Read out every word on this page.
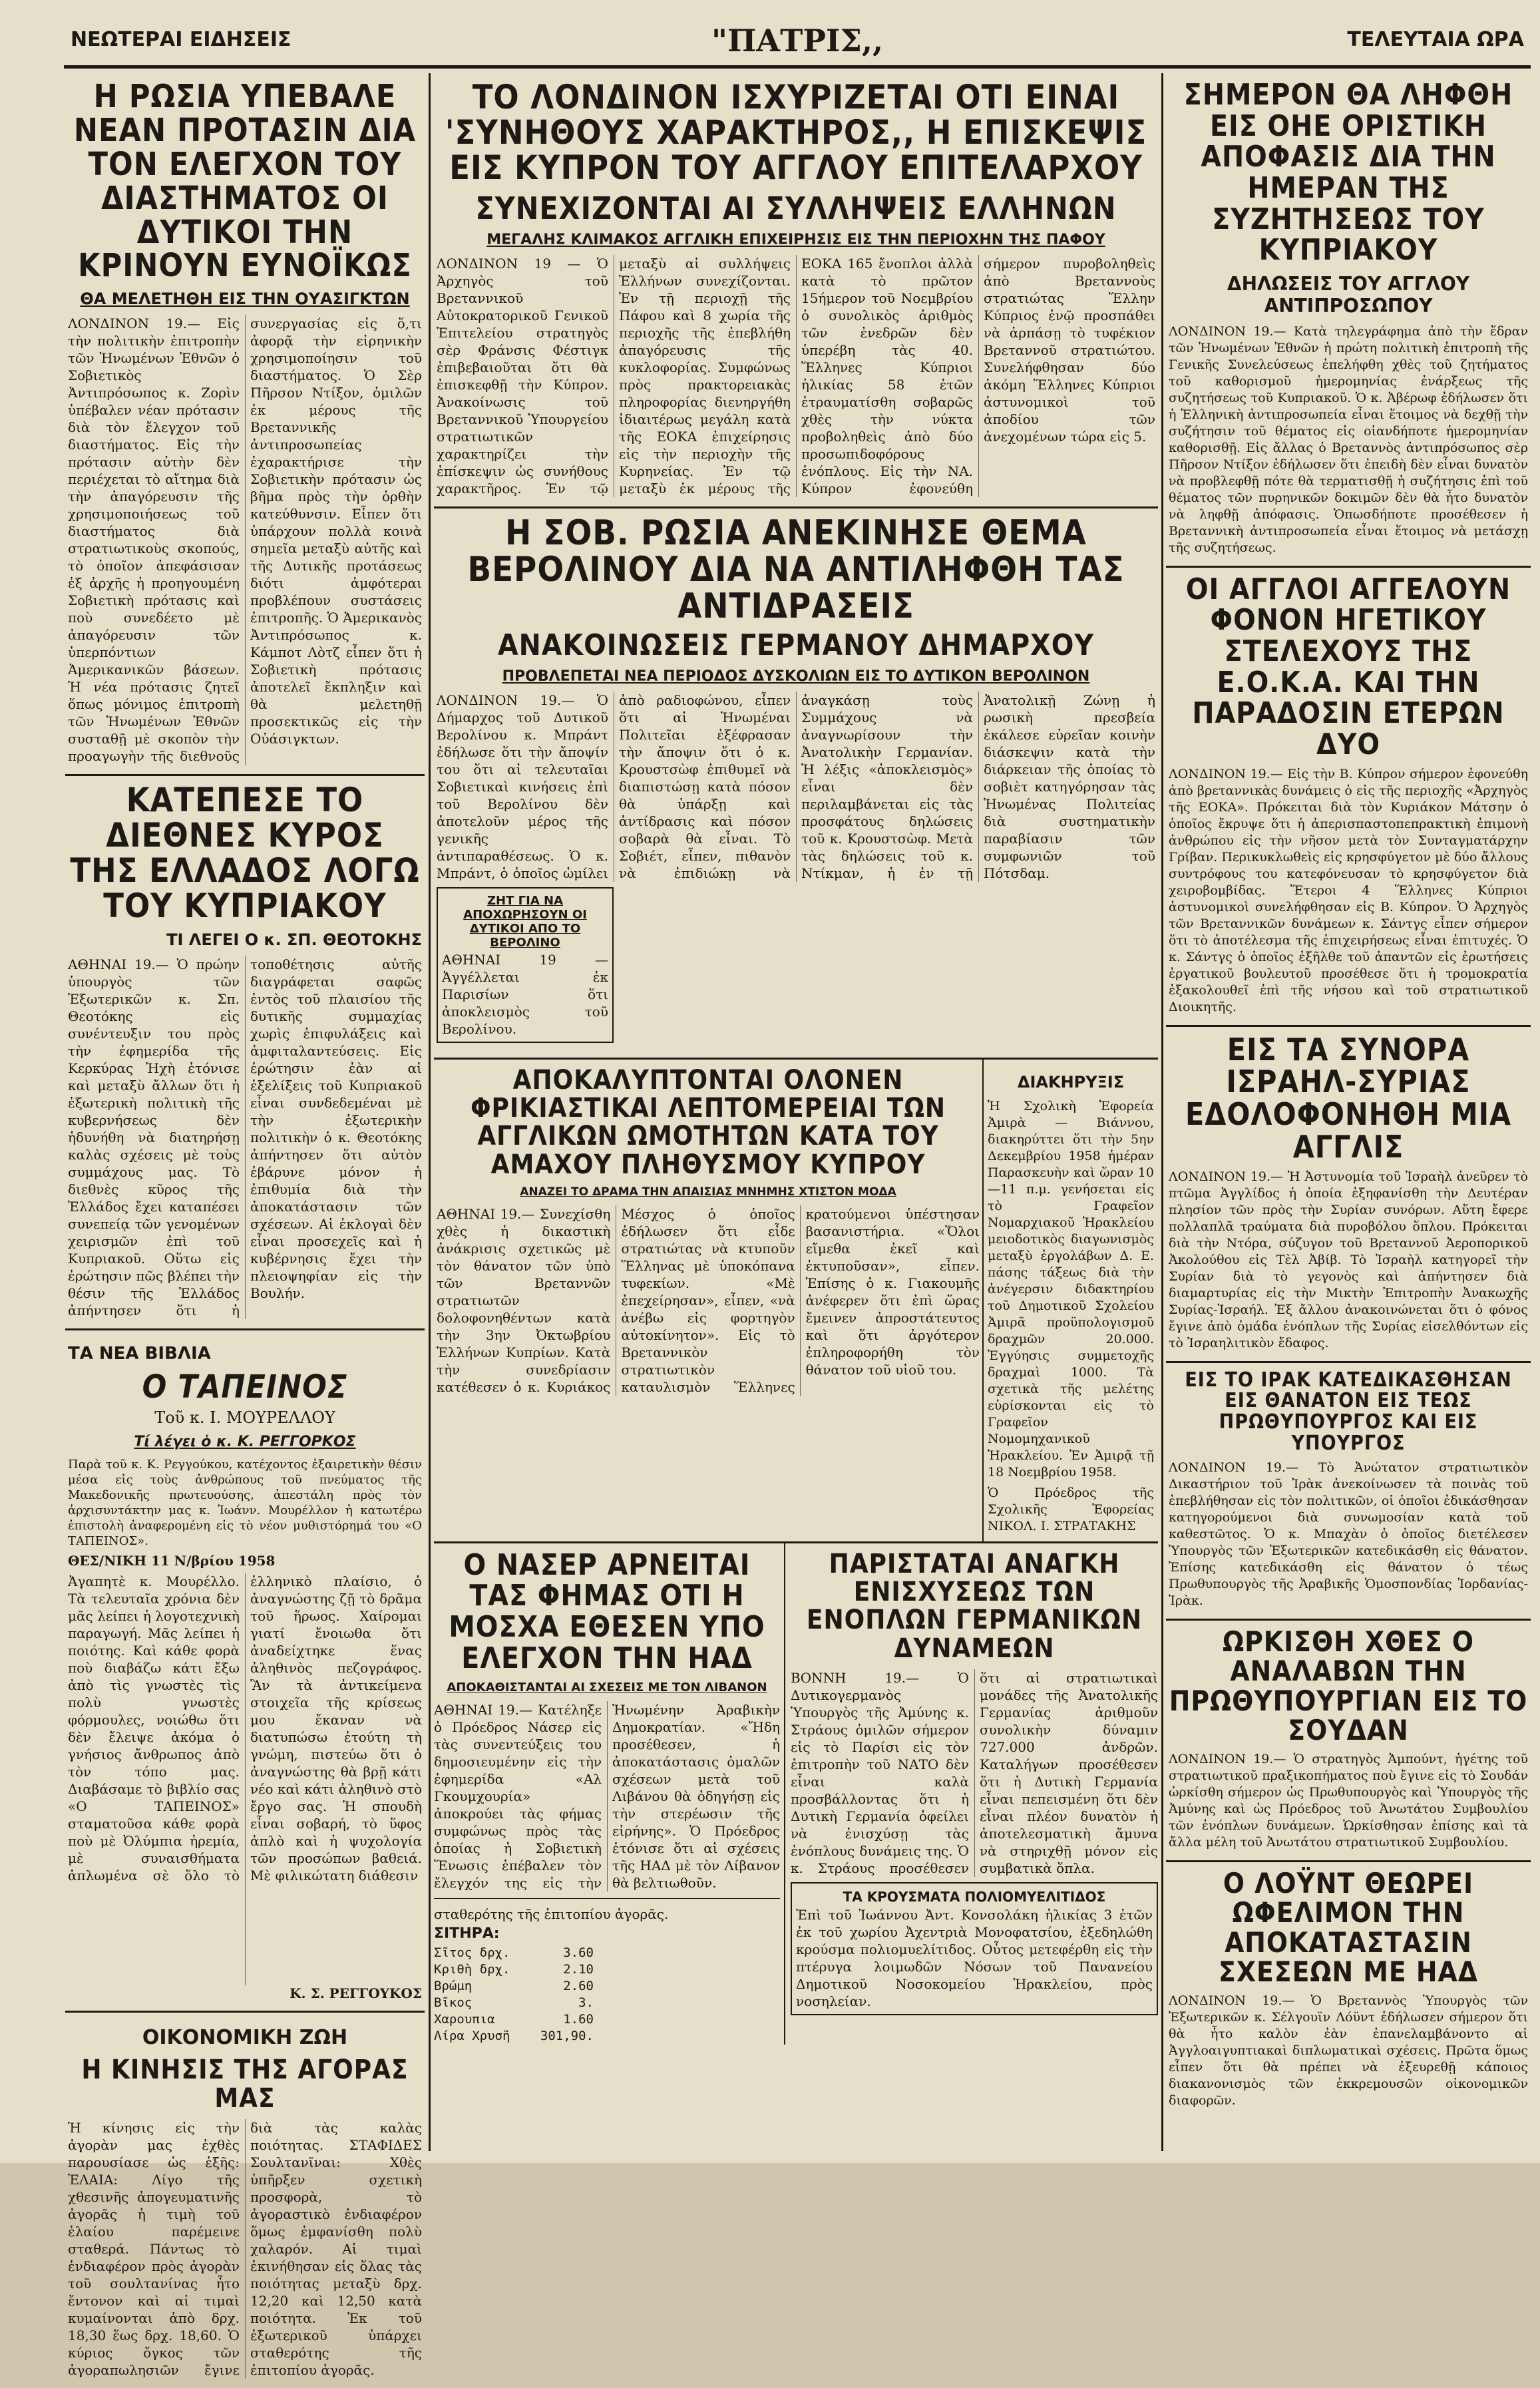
ΝΕΩΤΕΡΑΙ ΕΙΔΗΣΕΙΣ	"ΠΑΤΡΙΣ,,	ΤΕΛΕΥΤΑΙΑ ΩΡΑ
Η ΡΩΣΙΑ ΥΠΕΒΑΛΕ ΝΕΑΝ ΠΡΟΤΑΣΙΝ ΔΙΑ ΤΟΝ ΕΛΕΓΧΟΝ ΤΟΥ ΔΙΑΣΤΗΜΑΤΟΣ ΟΙ ΔΥΤΙΚΟΙ ΤΗΝ ΚΡΙΝΟΥΝ ΕΥΝΟΪΚΩΣ
ΘΑ ΜΕΛΕΤΗΘΗ ΕΙΣ ΤΗΝ ΟΥΑΣΙΓΚΤΩΝ

ΛΟΝΔΙΝΟΝ 19.— Εἰς τὴν πολιτικὴν ἐπιτροπὴν τῶν Ἡνωμένων Ἐθνῶν ὁ Σοβιετικὸς Ἀντιπρόσωπος κ. Ζορὶν ὑπέβαλεν νέαν πρότασιν διὰ τὸν ἔλεγχον τοῦ διαστήματος. Εἰς τὴν πρότασιν αὐτὴν δὲν περιέχεται τὸ αἴτημα διὰ τὴν ἀπαγόρευσιν τῆς χρησιμοποιήσεως τοῦ διαστήματος διὰ στρατιωτικοὺς σκοπούς, τὸ ὁποῖον ἀπεφάσισαν ἐξ ἀρχῆς ἡ προηγουμένη Σοβιετικὴ πρότασις καὶ ποὺ συνεδέετο μὲ ἀπαγόρευσιν τῶν ὑπερπόντιων Ἀμερικανικῶν βάσεων. Ἡ νέα πρότασις ζητεῖ ὅπως μόνιμος ἐπιτροπὴ τῶν Ἡνωμένων Ἐθνῶν συσταθῇ μὲ σκοπὸν τὴν προαγωγὴν τῆς διεθνοῦς συνεργασίας εἰς ὅ,τι ἀφορᾷ τὴν εἰρηνικὴν χρησιμοποίησιν τοῦ διαστήματος. Ὁ Σὲρ Πῆρσον Ντίξον, ὁμιλῶν ἐκ μέρους τῆς Βρεταννικῆς ἀντιπροσωπείας ἐχαρακτήρισε τὴν Σοβιετικὴν πρότασιν ὡς βῆμα πρὸς τὴν ὀρθὴν κατεύθυνσιν. Εἶπεν ὅτι ὑπάρχουν πολλὰ κοινὰ σημεῖα μεταξὺ αὐτῆς καὶ τῆς Δυτικῆς προτάσεως διότι ἀμφότεραι προβλέπουν συστάσεις ἐπιτροπῆς. Ὁ Ἀμερικανὸς Ἀντιπρόσωπος κ. Κάμποτ Λὸτζ εἶπεν ὅτι ἡ Σοβιετικὴ πρότασις ἀποτελεῖ ἔκπληξιν καὶ θὰ μελετηθῇ προσεκτικῶς εἰς τὴν Οὐάσιγκτων.

ΚΑΤΕΠΕΣΕ ΤΟ ΔΙΕΘΝΕΣ ΚΥΡΟΣ ΤΗΣ ΕΛΛΑΔΟΣ ΛΟΓΩ ΤΟΥ ΚΥΠΡΙΑΚΟΥ
ΤΙ ΛΕΓΕΙ Ο κ. ΣΠ. ΘΕΟΤΟΚΗΣ

ΑΘΗΝΑΙ 19.— Ὁ πρώην ὑπουργὸς τῶν Ἐξωτερικῶν κ. Σπ. Θεοτόκης εἰς συνέντευξιν του πρὸς τὴν ἐφημερίδα τῆς Κερκύρας Ἠχὴ ἐτόνισε καὶ μεταξὺ ἄλλων ὅτι ἡ ἐξωτερικὴ πολιτικὴ τῆς κυβερνήσεως δὲν ἠδυνήθη νὰ διατηρήσῃ καλὰς σχέσεις μὲ τοὺς συμμάχους μας. Τὸ διεθνὲς κῦρος τῆς Ἑλλάδος ἔχει καταπέσει συνεπείᾳ τῶν γενομένων χειρισμῶν ἐπὶ τοῦ Κυπριακοῦ. Οὕτω εἰς ἐρώτησιν πῶς βλέπει τὴν θέσιν τῆς Ἑλλάδος ἀπήντησεν ὅτι ἡ τοποθέτησις αὐτῆς διαγράφεται σαφῶς ἐντὸς τοῦ πλαισίου τῆς δυτικῆς συμμαχίας χωρὶς ἐπιφυλάξεις καὶ ἀμφιταλαντεύσεις. Εἰς ἐρώτησιν ἐὰν αἱ ἐξελίξεις τοῦ Κυπριακοῦ εἶναι συνδεδεμέναι μὲ τὴν ἐξωτερικὴν πολιτικὴν ὁ κ. Θεοτόκης ἀπήντησεν ὅτι αὐτὸν ἐβάρυνε μόνον ἡ ἐπιθυμία διὰ τὴν ἀποκατάστασιν τῶν σχέσεων. Αἱ ἐκλογαὶ δὲν εἶναι προσεχεῖς καὶ ἡ κυβέρνησις ἔχει τὴν πλειοψηφίαν εἰς τὴν Βουλήν.

ΤΑ ΝΕΑ ΒΙΒΛΙΑ
Ο ΤΑΠΕΙΝΟΣ
Τοῦ κ. Ι. ΜΟΥΡΕΛΛΟΥ
Τί λέγει ὁ κ. Κ. ΡΕΓΓΟΡΚΟΣ

Παρὰ τοῦ κ. Κ. Ρεγγούκου, κατέχοντος ἐξαιρετικὴν θέσιν μέσα εἰς τοὺς ἀνθρώπους τοῦ πνεύματος τῆς Μακεδονικῆς πρωτευούσης, ἀπεστάλη πρὸς τὸν ἀρχισυντάκτην μας κ. Ἰωάνν. Μουρέλλον ἡ κατωτέρω ἐπιστολὴ ἀναφερομένη εἰς τὸ νέον μυθιστόρημά του «Ο ΤΑΠΕΙΝΟΣ».

ΘΕΣ/ΝΙΚΗ 11 Ν/βρίου 1958

Ἀγαπητὲ κ. Μουρέλλο. Τὰ τελευταῖα χρόνια δὲν μᾶς λείπει ἡ λογοτεχνικὴ παραγωγή. Μᾶς λείπει ἡ ποιότης. Καὶ κάθε φορὰ ποὺ διαβάζω κάτι ἔξω ἀπὸ τὶς γνωστὲς τὶς πολὺ γνωστὲς φόρμουλες, νοιώθω ὅτι δὲν ἔλειψε ἀκόμα ὁ γνήσιος ἄνθρωπος ἀπὸ τὸν τόπο μας. Διαβάσαμε τὸ βιβλίο σας «Ο ΤΑΠΕΙΝΟΣ» σταματοῦσα κάθε φορὰ ποὺ μὲ Ὀλύμπια ἠρεμία, μὲ συναισθήματα ἁπλωμένα σὲ ὅλο τὸ ἐλληνικὸ πλαίσιο, ὁ ἀναγνώστης ζῇ τὸ δρᾶμα τοῦ ἥρωος. Χαίρομαι γιατί ἔνοιωθα ὅτι ἀναδείχτηκε ἕνας ἀληθινὸς πεζογράφος. Ἂν τὰ ἀντικείμενα στοιχεῖα τῆς κρίσεως μου ἔκαναν νὰ διατυπώσω ἐτούτη τὴ γνώμη, πιστεύω ὅτι ὁ ἀναγνώστης θὰ βρῇ κάτι νέο καὶ κάτι ἀληθινὸ στὸ ἔργο σας. Ἡ σπουδὴ εἶναι σοβαρή, τὸ ὕφος ἀπλὸ καὶ ἡ ψυχολογία τῶν προσώπων βαθειά. Μὲ φιλικώτατη διάθεσιν

Κ. Σ. ΡΕΓΓΟΥΚΟΣ
ΟΙΚΟΝΟΜΙΚΗ ΖΩΗ
Η ΚΙΝΗΣΙΣ ΤΗΣ ΑΓΟΡΑΣ ΜΑΣ

Ἡ κίνησις εἰς τὴν ἀγορὰν μας ἐχθὲς παρουσίασε ὡς ἑξῆς: ἘΛΑΙΑ: Λίγο τῆς χθεσινῆς ἀπογευματινῆς ἀγορᾶς ἡ τιμὴ τοῦ ἐλαίου παρέμεινε σταθερά. Πάντως τὸ ἐνδιαφέρον πρὸς ἀγορὰν τοῦ σουλτανίνας ἦτο ἔντονον καὶ αἱ τιμαὶ κυμαίνονται ἀπὸ δρχ. 18,30 ἕως δρχ. 18,60. Ὁ κύριος ὄγκος τῶν ἀγοραπωλησιῶν ἔγινε διὰ τὰς καλὰς ποιότητας. ΣΤΑΦΙΔΕΣ Σουλτανῖναι: Χθὲς ὑπῆρξεν σχετικὴ προσφορὰ, τὸ ἀγοραστικὸ ἐνδιαφέρον ὅμως ἐμφανίσθη πολὺ χαλαρόν. Αἱ τιμαὶ ἐκινήθησαν εἰς ὅλας τὰς ποιότητας μεταξὺ δρχ. 12,20 καὶ 12,50 κατὰ ποιότητα. Ἐκ τοῦ ἐξωτερικοῦ ὑπάρχει σταθερότης τῆς ἐπιτοπίου ἀγορᾶς.

ΤΟ ΛΟΝΔΙΝΟΝ ΙΣΧΥΡΙΖΕΤΑΙ ΟΤΙ ΕΙΝΑΙ 'ΣΥΝΗΘΟΥΣ ΧΑΡΑΚΤΗΡΟΣ,, Η ΕΠΙΣΚΕΨΙΣ ΕΙΣ ΚΥΠΡΟΝ ΤΟΥ ΑΓΓΛΟΥ ΕΠΙΤΕΛΑΡΧΟΥ
ΣΥΝΕΧΙΖΟΝΤΑΙ ΑΙ ΣΥΛΛΗΨΕΙΣ ΕΛΛΗΝΩΝ
ΜΕΓΑΛΗΣ ΚΛΙΜΑΚΟΣ ΑΓΓΛΙΚΗ ΕΠΙΧΕΙΡΗΣΙΣ ΕΙΣ ΤΗΝ ΠΕΡΙΟΧΗΝ ΤΗΣ ΠΑΦΟΥ

ΛΟΝΔΙΝΟΝ 19 — Ὁ Ἀρχηγὸς τοῦ Βρεταννικοῦ Αὐτοκρατορικοῦ Γενικοῦ Ἐπιτελείου στρατηγὸς σὲρ Φράνσις Φέστιγκ ἐπιβεβαιοῦται ὅτι θὰ ἐπισκεφθῇ τὴν Κύπρον. Ἀνακοίνωσις τοῦ Βρεταννικοῦ Ὑπουργείου στρατιωτικῶν χαρακτηρίζει τὴν ἐπίσκεψιν ὡς συνήθους χαρακτῆρος. Ἐν τῷ μεταξὺ αἱ συλλήψεις Ἑλλήνων συνεχίζονται. Ἐν τῇ περιοχῇ τῆς Πάφου καὶ 8 χωρία τῆς περιοχῆς τῆς ἐπεβλήθη ἀπαγόρευσις τῆς κυκλοφορίας. Συμφώνως πρὸς πρακτορειακὰς πληροφορίας διενηργήθη ἰδιαιτέρως μεγάλη κατὰ τῆς ΕΟΚΑ ἐπιχείρησις εἰς τὴν περιοχὴν τῆς Κυρηνείας. Ἐν τῷ μεταξὺ ἐκ μέρους τῆς ΕΟΚΑ 165 ἔνοπλοι ἀλλὰ κατὰ τὸ πρῶτον 15ήμερον τοῦ Νοεμβρίου ὁ συνολικὸς ἀριθμὸς τῶν ἐνεδρῶν δὲν ὑπερέβη τὰς 40. Ἕλληνες Κύπριοι ἡλικίας 58 ἐτῶν ἐτραυματίσθη σοβαρῶς χθὲς τὴν νύκτα προβοληθεὶς ἀπὸ δύο προσωπιδοφόρους ἐνόπλους. Εἰς τὴν ΝΑ. Κύπρον ἐφονεύθη σήμερον πυροβοληθεὶς ἀπὸ Βρεταννοὺς στρατιώτας Ἕλλην Κύπριος ἐνῷ προσπάθει νὰ ἀρπάσῃ τὸ τυφέκιον Βρεταννοῦ στρατιώτου. Συνελήφθησαν δύο ἀκόμη Ἕλληνες Κύπριοι ἀστυνομικοὶ τοῦ ἀποδίου τῶν ἀνεχομένων τώρα εἰς 5.

Η ΣΟΒ. ΡΩΣΙΑ ΑΝΕΚΙΝΗΣΕ ΘΕΜΑ ΒΕΡΟΛΙΝΟΥ ΔΙΑ ΝΑ ΑΝΤΙΛΗΦΘΗ ΤΑΣ ΑΝΤΙΔΡΑΣΕΙΣ
ΑΝΑΚΟΙΝΩΣΕΙΣ ΓΕΡΜΑΝΟΥ ΔΗΜΑΡΧΟΥ
ΠΡΟΒΛΕΠΕΤΑΙ ΝΕΑ ΠΕΡΙΟΔΟΣ ΔΥΣΚΟΛΙΩΝ ΕΙΣ ΤΟ ΔΥΤΙΚΟΝ ΒΕΡΟΛΙΝΟΝ

ΛΟΝΔΙΝΟΝ 19.— Ὁ Δήμαρχος τοῦ Δυτικοῦ Βερολίνου κ. Μπράντ ἐδήλωσε ὅτι τὴν ἄποψίν του ὅτι αἱ τελευταῖαι Σοβιετικαὶ κινήσεις ἐπὶ τοῦ Βερολίνου δὲν ἀποτελοῦν μέρος τῆς γενικῆς ἀντιπαραθέσεως. Ὁ κ. Μπράντ, ὁ ὁποῖος ὡμίλει ἀπὸ ραδιοφώνου, εἶπεν ὅτι αἱ Ἡνωμέναι Πολιτεῖαι ἐξέφρασαν τὴν ἄποψιν ὅτι ὁ κ. Κρουστσὼφ ἐπιθυμεῖ νὰ διαπιστώσῃ κατὰ πόσον θὰ ὑπάρξῃ καὶ ἀντίδρασις καὶ πόσον σοβαρὰ θὰ εἶναι. Τὸ Σοβιέτ, εἶπεν, πιθανὸν νὰ ἐπιδιώκῃ νὰ ἀναγκάσῃ τοὺς Συμμάχους νὰ ἀναγνωρίσουν τὴν Ἀνατολικὴν Γερμανίαν. Ἡ λέξις «ἀποκλεισμὸς» εἶναι δὲν περιλαμβάνεται εἰς τὰς προσφάτους δηλώσεις τοῦ κ. Κρουστσὼφ. Μετὰ τὰς δηλώσεις τοῦ κ. Ντίκμαν, ἡ ἐν τῇ Ἀνατολικῇ Ζώνῃ ἡ ρωσικὴ πρεσβεία ἐκάλεσε εὐρεῖαν κοινὴν διάσκεψιν κατὰ τὴν διάρκειαν τῆς ὁποίας τὸ σοβιὲτ κατηγόρησαν τὰς Ἡνωμένας Πολιτείας διὰ συστηματικὴν παραβίασιν τῶν συμφωνιῶν τοῦ Πότσδαμ.

ΖΗΤ ΓΙΑ ΝΑ ΑΠΟΧΩΡΗΣΟΥΝ ΟΙ ΔΥΤΙΚΟΙ ΑΠΟ ΤΟ ΒΕΡΟΛΙΝΟ

ΑΘΗΝΑΙ 19 — Ἀγγέλλεται ἐκ Παρισίων ὅτι ἀποκλεισμὸς τοῦ Βερολίνου.

ΑΠΟΚΑΛΥΠΤΟΝΤΑΙ ΟΛΟΝΕΝ ΦΡΙΚΙΑΣΤΙΚΑΙ ΛΕΠΤΟΜΕΡΕΙΑΙ ΤΩΝ ΑΓΓΛΙΚΩΝ ΩΜΟΤΗΤΩΝ ΚΑΤΑ ΤΟΥ ΑΜΑΧΟΥ ΠΛΗΘΥΣΜΟΥ ΚΥΠΡΟΥ
ΑΝΑΖΕΙ ΤΟ ΔΡΑΜΑ ΤΗΝ ΑΠΑΙΣΙΑΣ ΜΝΗΜΗΣ ΧΤΙΣΤΟΝ ΜΟΔΑ

ΑΘΗΝΑΙ 19.— Συνεχίσθη χθὲς ἡ δικαστικὴ ἀνάκρισις σχετικῶς μὲ τὸν θάνατον τῶν ὑπὸ τῶν Βρεταννῶν στρατιωτῶν δολοφονηθέντων κατὰ τὴν 3ην Ὀκτωβρίου Ἑλλήνων Κυπρίων. Κατὰ τὴν συνεδρίασιν κατέθεσεν ὁ κ. Κυριάκος Μέσχος ὁ ὁποῖος ἐδήλωσεν ὅτι εἶδε στρατιώτας νὰ κτυποῦν Ἕλληνας μὲ ὑποκόπανα τυφεκίων. «Μὲ ἐπεχείρησαν», εἶπεν, «νὰ ἀνέβω εἰς φορτηγὸν αὐτοκίνητον». Εἰς τὸ Βρεταννικὸν στρατιωτικὸν καταυλισμὸν Ἕλληνες κρατούμενοι ὑπέστησαν βασανιστήρια. «Ὅλοι εἴμεθα ἐκεῖ καὶ ἐκτυποῦσαν», εἶπεν. Ἐπίσης ὁ κ. Γιακουμῆς ἀνέφερεν ὅτι ἐπὶ ὥρας ἔμεινεν ἀπροστάτευτος καὶ ὅτι ἀργότερον ἐπληροφορήθη τὸν θάνατον τοῦ υἱοῦ του.

ΔΙΑΚΗΡΥΞΙΣ

Ἡ Σχολικὴ Ἐφορεία Ἀμιρὰ — Βιάννου, διακηρύττει ὅτι τὴν 5ην Δεκεμβρίου 1958 ἡμέραν Παρασκευὴν καὶ ὥραν 10—11 π.μ. γενήσεται εἰς τὸ Γραφεῖον Νομαρχιακοῦ Ἡρακλείου μειοδοτικὸς διαγωνισμὸς μεταξὺ ἐργολάβων Δ. Ε. πάσης τάξεως διὰ τὴν ἀνέγερσιν διδακτηρίου τοῦ Δημοτικοῦ Σχολείου Ἀμιρᾶ προϋπολογισμοῦ δραχμῶν 20.000. Ἐγγύησις συμμετοχῆς δραχμαὶ 1000. Τὰ σχετικὰ τῆς μελέτης εὑρίσκονται εἰς τὸ Γραφεῖον Νομομηχανικοῦ Ἡρακλείου. Ἐν Ἀμιρᾷ τῇ 18 Νοεμβρίου 1958.

Ὁ Πρόεδρος τῆς Σχολικῆς Ἐφορείας ΝΙΚΟΛ. Ι. ΣΤΡΑΤΑΚΗΣ

Ο ΝΑΣΕΡ ΑΡΝΕΙΤΑΙ ΤΑΣ ΦΗΜΑΣ ΟΤΙ Η ΜΟΣΧΑ ΕΘΕΣΕΝ ΥΠΟ ΕΛΕΓΧΟΝ ΤΗΝ ΗΑΔ
ΑΠΟΚΑΘΙΣΤΑΝΤΑΙ ΑΙ ΣΧΕΣΕΙΣ ΜΕ ΤΟΝ ΛΙΒΑΝΟΝ

ΑΘΗΝΑΙ 19.— Κατέληξε ὁ Πρόεδρος Νάσερ εἰς τὰς συνεντεύξεις του δημοσιευμένην εἰς τὴν ἐφημερίδα «Αλ Γκουμχουρία» ἀποκρούει τὰς φήμας συμφώνως πρὸς τὰς ὁποίας ἡ Σοβιετικὴ Ἕνωσις ἐπέβαλεν τὸν ἔλεγχόν της εἰς τὴν Ἡνωμένην Ἀραβικὴν Δημοκρατίαν. «Ἤδη προσέθεσεν, ἡ ἀποκατάστασις ὁμαλῶν σχέσεων μετὰ τοῦ Λιβάνου θὰ ὁδηγήσῃ εἰς τὴν στερέωσιν τῆς εἰρήνης». Ὁ Πρόεδρος ἐτόνισε ὅτι αἱ σχέσεις τῆς ΗΑΔ μὲ τὸν Λίβανον θὰ βελτιωθοῦν.

σταθερότης τῆς ἐπιτοπίου ἀγορᾶς.

ΣΙΤΗΡΑ:
Σῖτος δρχ.	3.60
Κριθὴ δρχ.	2.10
Βρώμη	2.60
Βῖκος	3.
Χαρουπια	1.60
Λίρα Χρυσῆ 301,90.
ΠΑΡΙΣΤΑΤΑΙ ΑΝΑΓΚΗ ΕΝΙΣΧΥΣΕΩΣ ΤΩΝ ΕΝΟΠΛΩΝ ΓΕΡΜΑΝΙΚΩΝ ΔΥΝΑΜΕΩΝ

ΒΟΝΝΗ 19.— Ὁ Δυτικογερμανὸς Ὑπουργὸς τῆς Ἀμύνης κ. Στράους ὁμιλῶν σήμερον εἰς τὸ Παρίσι εἰς τὸν ἐπιτροπὴν τοῦ ΝΑΤΟ δὲν εἶναι καλὰ προσβάλλοντας ὅτι ἡ Δυτικὴ Γερμανία ὀφείλει νὰ ἐνισχύσῃ τὰς ἐνόπλους δυνάμεις της. Ὁ κ. Στράους προσέθεσεν ὅτι αἱ στρατιωτικαὶ μονάδες τῆς Ἀνατολικῆς Γερμανίας ἀριθμοῦν συνολικὴν δύναμιν 727.000 ἀνδρῶν. Καταλήγων προσέθεσεν ὅτι ἡ Δυτικὴ Γερμανία εἶναι πεπεισμένη ὅτι δὲν εἶναι πλέον δυνατὸν ἡ ἀποτελεσματικὴ ἄμυνα νὰ στηριχθῇ μόνον εἰς συμβατικὰ ὅπλα.

ΤΑ ΚΡΟΥΣΜΑΤΑ ΠΟΛΙΟΜΥΕΛΙΤΙΔΟΣ

Ἐπὶ τοῦ Ἰωάννου Ἀντ. Κονσολάκη ἡλικίας 3 ἐτῶν ἐκ τοῦ χωρίου Ἀχεντριὰ Μονοφατσίου, ἐξεδηλώθη κρούσμα πολιομυελίτιδος. Οὗτος μετεφέρθη εἰς τὴν πτέρυγα λοιμωδῶν Νόσων τοῦ Πανανείου Δημοτικοῦ Νοσοκομείου Ἡρακλείου, πρὸς νοσηλείαν.

ΣΗΜΕΡΟΝ ΘΑ ΛΗΦΘΗ ΕΙΣ ΟΗΕ ΟΡΙΣΤΙΚΗ ΑΠΟΦΑΣΙΣ ΔΙΑ ΤΗΝ ΗΜΕΡΑΝ ΤΗΣ ΣΥΖΗΤΗΣΕΩΣ ΤΟΥ ΚΥΠΡΙΑΚΟΥ
ΔΗΛΩΣΕΙΣ ΤΟΥ ΑΓΓΛΟΥ ΑΝΤΙΠΡΟΣΩΠΟΥ

ΛΟΝΔΙΝΟΝ 19.— Κατὰ τηλεγράφημα ἀπὸ τὴν ἕδραν τῶν Ἡνωμένων Ἐθνῶν ἡ πρώτη πολιτικὴ ἐπιτροπὴ τῆς Γενικῆς Συνελεύσεως ἐπελήφθη χθὲς τοῦ ζητήματος τοῦ καθορισμοῦ ἡμερομηνίας ἐνάρξεως τῆς συζητήσεως τοῦ Κυπριακοῦ. Ὁ κ. Ἀβέρωφ ἐδήλωσεν ὅτι ἡ Ἑλληνικὴ ἀντιπροσωπεία εἶναι ἕτοιμος νὰ δεχθῇ τὴν συζήτησιν τοῦ θέματος εἰς οἱανδήποτε ἡμερομηνίαν καθορισθῇ. Εἰς ἄλλας ὁ Βρεταννὸς ἀντιπρόσωπος σὲρ Πῆρσον Ντίξον ἐδήλωσεν ὅτι ἐπειδὴ δὲν εἶναι δυνατὸν νὰ προβλεφθῇ πότε θὰ τερματισθῇ ἡ συζήτησις ἐπὶ τοῦ θέματος τῶν πυρηνικῶν δοκιμῶν δὲν θὰ ἦτο δυνατὸν νὰ ληφθῇ ἀπόφασις. Ὁπωσδήποτε προσέθεσεν ἡ Βρεταννικὴ ἀντιπροσωπεία εἶναι ἕτοιμος νὰ μετάσχῃ τῆς συζητήσεως.

ΟΙ ΑΓΓΛΟΙ ΑΓΓΕΛΟΥΝ ΦΟΝΟΝ ΗΓΕΤΙΚΟΥ ΣΤΕΛΕΧΟΥΣ ΤΗΣ Ε.Ο.Κ.Α. ΚΑΙ ΤΗΝ ΠΑΡΑΔΟΣΙΝ ΕΤΕΡΩΝ ΔΥΟ

ΛΟΝΔΙΝΟΝ 19.— Εἰς τὴν Β. Κύπρον σήμερον ἐφονεύθη ἀπὸ βρεταννικὰς δυνάμεις ὁ εἰς τῆς περιοχῆς «Ἀρχηγὸς τῆς ΕΟΚΑ». Πρόκειται διὰ τὸν Κυριάκον Μάτσην ὁ ὁποῖος ἔκρυψε ὅτι ἡ ἀπερισπαστοπεπρακτικὴ ἐπιμονὴ ἀνθρώπου εἰς τὴν νῆσον μετὰ τὸν Συνταγματάρχην Γρίβαν. Περικυκλωθεὶς εἰς κρησφύγετον μὲ δύο ἄλλους συντρόφους του κατεφόνευσαν τὸ κρησφύγετον διὰ χειροβομβίδας. Ἕτεροι 4 Ἕλληνες Κύπριοι ἀστυνομικοὶ συνελήφθησαν εἰς Β. Κύπρον. Ὁ Ἀρχηγὸς τῶν Βρεταννικῶν δυνάμεων κ. Σάντγς εἶπεν σήμερον ὅτι τὸ ἀποτέλεσμα τῆς ἐπιχειρήσεως εἶναι ἐπιτυχές. Ὁ κ. Σάντγς ὁ ὁποῖος ἐξῆλθε τοῦ ἀπαντῶν εἰς ἐρωτήσεις ἐργατικοῦ βουλευτοῦ προσέθεσε ὅτι ἡ τρομοκρατία ἐξακολουθεῖ ἐπὶ τῆς νήσου καὶ τοῦ στρατιωτικοῦ Διοικητῆς.

ΕΙΣ ΤΑ ΣΥΝΟΡΑ ΙΣΡΑΗΛ-ΣΥΡΙΑΣ ΕΔΟΛΟΦΟΝΗΘΗ ΜΙΑ ΑΓΓΛΙΣ

ΛΟΝΔΙΝΟΝ 19.— Ἡ Ἀστυνομία τοῦ Ἰσραὴλ ἀνεῦρεν τὸ πτῶμα Ἀγγλίδος ἡ ὁποία ἐξηφανίσθη τὴν Δευτέραν πλησίον τῶν πρὸς τὴν Συρίαν συνόρων. Αὕτη ἔφερε πολλαπλᾶ τραύματα διὰ πυροβόλου ὅπλου. Πρόκειται διὰ τὴν Ντόρα, σύζυγον τοῦ Βρεταννοῦ Ἀεροπορικοῦ Ἀκολούθου εἰς Τὲλ Ἀβίβ. Τὸ Ἰσραὴλ κατηγορεῖ τὴν Συρίαν διὰ τὸ γεγονὸς καὶ ἀπήντησεν διὰ διαμαρτυρίας εἰς τὴν Μικτὴν Ἐπιτροπὴν Ἀνακωχῆς Συρίας-Ἰσραήλ. Ἐξ ἄλλου ἀνακοινώνεται ὅτι ὁ φόνος ἔγινε ἀπὸ ὁμάδα ἐνόπλων τῆς Συρίας εἰσελθόντων εἰς τὸ Ἰσραηλιτικὸν ἔδαφος.

ΕΙΣ ΤΟ ΙΡΑΚ ΚΑΤΕΔΙΚΑΣΘΗΣΑΝ ΕΙΣ ΘΑΝΑΤΟΝ ΕΙΣ ΤΕΩΣ ΠΡΩΘΥΠΟΥΡΓΟΣ ΚΑΙ ΕΙΣ ΥΠΟΥΡΓΟΣ

ΛΟΝΔΙΝΟΝ 19.— Τὸ Ἀνώτατον στρατιωτικὸν Δικαστήριον τοῦ Ἰρὰκ ἀνεκοίνωσεν τὰ ποινὰς τοῦ ἐπεβλήθησαν εἰς τὸν πολιτικῶν, οἱ ὁποῖοι ἐδικάσθησαν κατηγορούμενοι διὰ συνωμοσίαν κατὰ τοῦ καθεστῶτος. Ὁ κ. Μπαχὰν ὁ ὁποῖος διετέλεσεν Ὑπουργὸς τῶν Ἐξωτερικῶν κατεδικάσθη εἰς θάνατον. Ἐπίσης κατεδικάσθη εἰς θάνατον ὁ τέως Πρωθυπουργὸς τῆς Ἀραβικῆς Ὁμοσπονδίας Ἰορδανίας-Ἰρὰκ.

ΩΡΚΙΣΘΗ ΧΘΕΣ Ο ΑΝΑΛΑΒΩΝ ΤΗΝ ΠΡΩΘΥΠΟΥΡΓΙΑΝ ΕΙΣ ΤΟ ΣΟΥΔΑΝ

ΛΟΝΔΙΝΟΝ 19.— Ὁ στρατηγὸς Ἀμπούντ, ἡγέτης τοῦ στρατιωτικοῦ πραξικοπήματος ποὺ ἔγινε εἰς τὸ Σουδάν ὡρκίσθη σήμερον ὡς Πρωθυπουργὸς καὶ Ὑπουργὸς τῆς Ἀμύνης καὶ ὡς Πρόεδρος τοῦ Ἀνωτάτου Συμβουλίου τῶν ἐνόπλων δυνάμεων. Ὡρκίσθησαν ἐπίσης καὶ τὰ ἄλλα μέλη τοῦ Ἀνωτάτου στρατιωτικοῦ Συμβουλίου.

Ο ΛΟΫΝΤ ΘΕΩΡΕΙ ΩΦΕΛΙΜΟΝ ΤΗΝ ΑΠΟΚΑΤΑΣΤΑΣΙΝ ΣΧΕΣΕΩΝ ΜΕ ΗΑΔ

ΛΟΝΔΙΝΟΝ 19.— Ὁ Βρεταννὸς Ὑπουργὸς τῶν Ἐξωτερικῶν κ. Σέλγουϊν Λόϋντ ἐδήλωσεν σήμερον ὅτι θὰ ἦτο καλὸν ἐὰν ἐπανελαμβάνοντο αἱ Ἀγγλοαιγυπτιακαὶ διπλωματικαὶ σχέσεις. Πρῶτα ὅμως εἶπεν ὅτι θὰ πρέπει νὰ ἐξευρεθῇ κάποιος διακανονισμὸς τῶν ἐκκρεμουσῶν οἰκονομικῶν διαφορῶν.
